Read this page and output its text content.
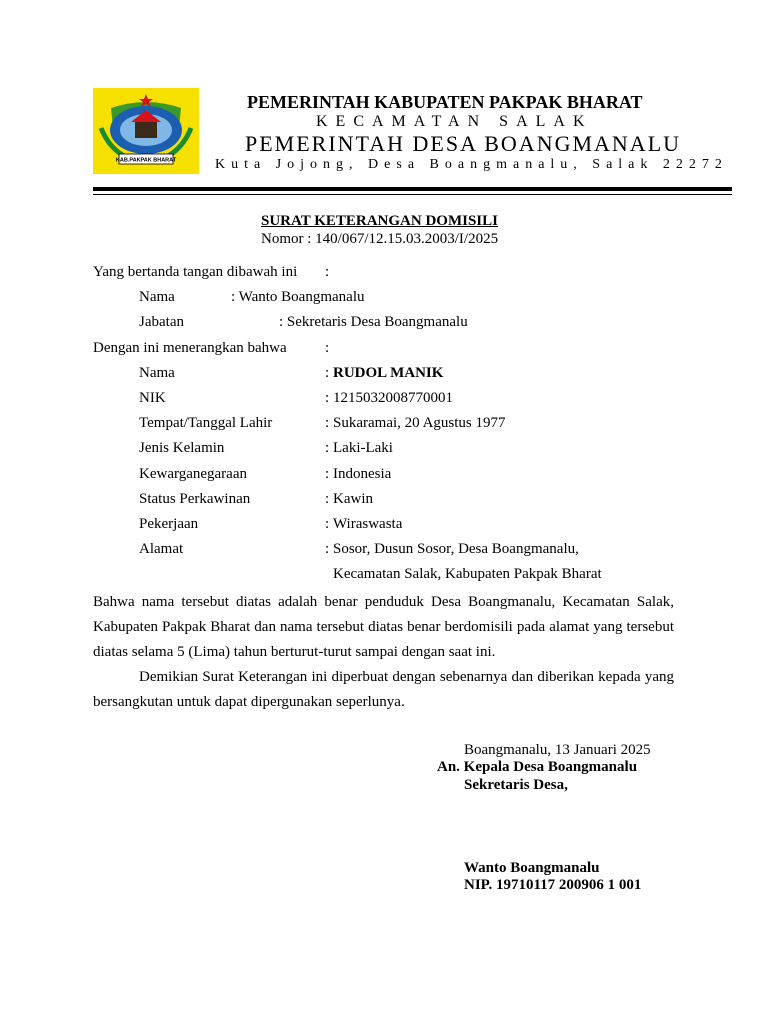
KAB.PAKPAK BHARAT
PEMERINTAH KABUPATEN PAKPAK BHARAT
KECAMATAN SALAK
PEMERINTAH DESA BOANGMANALU
Kuta Jojong, Desa Boangmanalu, Salak 22272
SURAT KETERANGAN DOMISILI
Nomor : 140/067/12.15.03.2003/I/2025
Yang bertanda tangan dibawah ini :
Nama	: Wanto Boangmanalu
Jabatan	: Sekretaris Desa Boangmanalu
Dengan ini menerangkan bahwa	:
Nama	: RUDOL MANIK
NIK	: 1215032008770001
Tempat/Tanggal Lahir	: Sukaramai, 20 Agustus 1977
Jenis Kelamin	: Laki-Laki
Kewarganegaraan	: Indonesia
Status Perkawinan	: Kawin
Pekerjaan	: Wiraswasta
Alamat	: Sosor, Dusun Sosor, Desa Boangmanalu,
Kecamatan Salak, Kabupaten Pakpak Bharat
Bahwa nama tersebut diatas adalah benar penduduk Desa Boangmanalu, Kecamatan Salak, Kabupaten Pakpak Bharat dan nama tersebut diatas benar berdomisili pada alamat yang tersebut diatas selama 5 (Lima) tahun berturut-turut sampai dengan saat ini.
Demikian Surat Keterangan ini diperbuat dengan sebenarnya dan diberikan kepada yang bersangkutan untuk dapat dipergunakan seperlunya.
Boangmanalu, 13 Januari 2025
An. Kepala Desa Boangmanalu
Sekretaris Desa,
Wanto Boangmanalu
NIP. 19710117 200906 1 001
